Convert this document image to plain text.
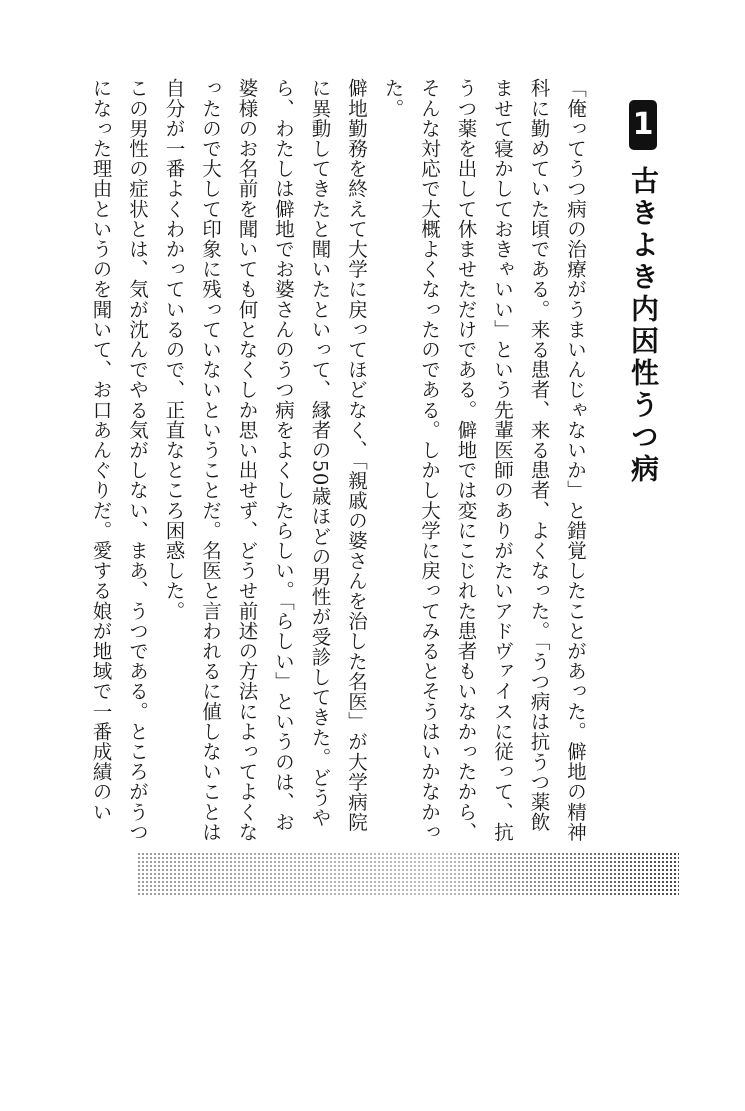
1
古きよき内因性うつ病

「俺ってうつ病の治療がうまいんじゃないか」と錯覚したことがあった。僻地の精神科に勤めていた頃である。来る患者、来る患者、よくなった。「うつ病は抗うつ薬飲ませて寝かしておきゃいい」という先輩医師のありがたいアドヴァイスに従って、抗うつ薬を出して休ませただけである。僻地では変にこじれた患者もいなかったから、そんな対応で大概よくなったのである。しかし大学に戻ってみるとそうはいかなかった。

僻地勤務を終えて大学に戻ってほどなく、「親戚の婆さんを治した名医」が大学病院に異動してきたと聞いたといって、縁者の50歳ほどの男性が受診してきた。どうやら、わたしは僻地でお婆さんのうつ病をよくしたらしい。「らしい」というのは、お婆様のお名前を聞いても何となくしか思い出せず、どうせ前述の方法によってよくなったので大して印象に残っていないということだ。名医と言われるに値しないことは自分が一番よくわかっているので、正直なところ困惑した。

この男性の症状とは、気が沈んでやる気がしない、まあ、うつである。ところがうつになった理由というのを聞いて、お口あんぐりだ。愛する娘が地域で一番成績のい
